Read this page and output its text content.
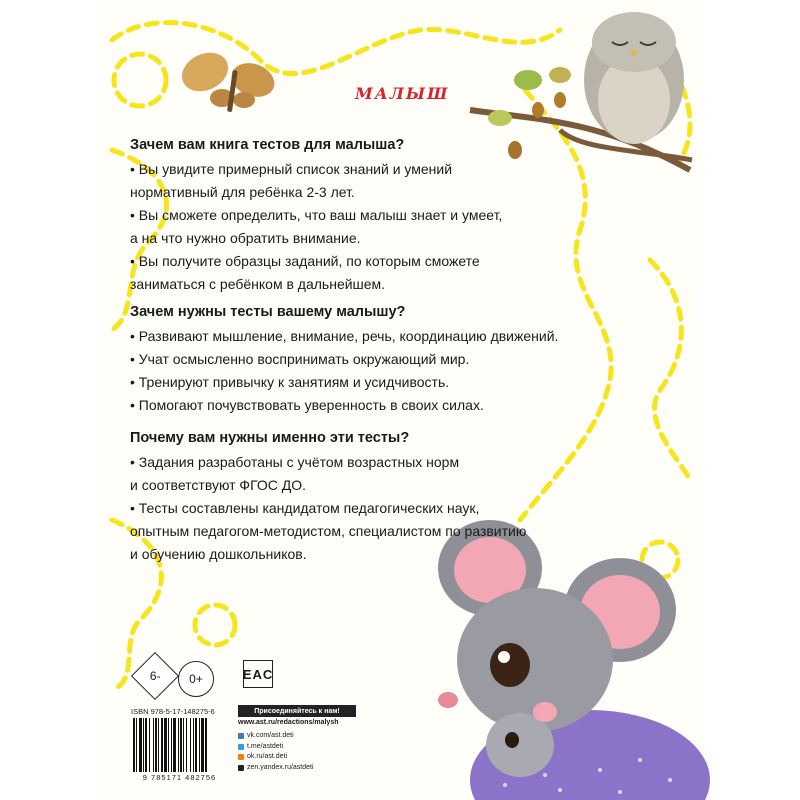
МАЛЫШ
Зачем вам книга тестов для малыша?

• Вы увидите примерный список знаний и умений

нормативный для ребёнка 2-3 лет.

• Вы сможете определить, что ваш малыш знает и умеет,

а на что нужно обратить внимание.

• Вы получите образцы заданий, по которым сможете

заниматься с ребёнком в дальнейшем.

Зачем нужны тесты вашему малышу?

• Развивают мышление, внимание, речь, координацию движений.

• Учат осмысленно воспринимать окружающий мир.

• Тренируют привычку к занятиям и усидчивость.

• Помогают почувствовать уверенность в своих силах.

Почему вам нужны именно эти тесты?

• Задания разработаны с учётом возрастных норм

и соответствуют ФГОС ДО.

• Тесты составлены кандидатом педагогических наук,

опытным педагогом-методистом, специалистом по развитию

и обучению дошкольников.

6-	0+	EAC
ISBN 978-5-17-148275-6
9 785171 482756
Присоединяйтесь к нам!
www.ast.ru/redactions/malysh
vk.com/ast.deti
t.me/astdeti
ok.ru/ast.deti
zen.yandex.ru/astdeti
